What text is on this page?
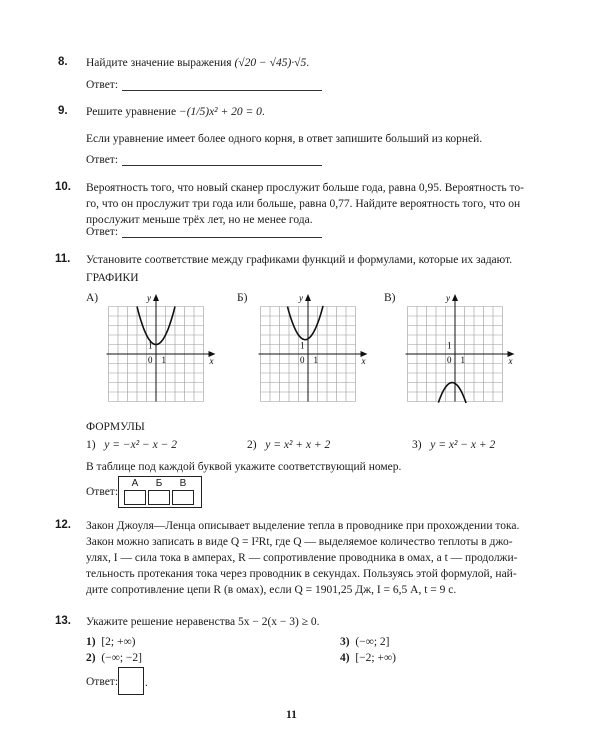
8. Найдите значение выражения (√20 − √45)·√5.
Ответ:
9. Решите уравнение −(1/5)x² + 20 = 0.
Если уравнение имеет более одного корня, в ответ запишите больший из корней.
Ответ:
10. Вероятность того, что новый сканер прослужит больше года, равна 0,95. Вероятность то-
го, что он прослужит три года или больше, равна 0,77. Найдите вероятность того, что он
прослужит меньше трёх лет, но не менее года.
Ответ:
11. Установите соответствие между графиками функций и формулами, которые их задают.
ГРАФИКИ
А)	Б)	В)
y
x
0 1
1
y
x
0 1
1
y
x
0 1
1
ФОРМУЛЫ
1) y = −x² − x − 2	2) y = x² + x + 2	3) y = x² − x + 2
В таблице под каждой буквой укажите соответствующий номер.
Ответ:
А	Б	В
12. Закон Джоуля—Ленца описывает выделение тепла в проводнике при прохождении тока.
Закон можно записать в виде Q = I²Rt, где Q — выделяемое количество теплоты в джо-
улях, I — сила тока в амперах, R — сопротивление проводника в омах, а t — продолжи-
тельность протекания тока через проводник в секундах. Пользуясь этой формулой, най-
дите сопротивление цепи R (в омах), если Q = 1901,25 Дж, I = 6,5 А, t = 9 с.
13. Укажите решение неравенства 5x − 2(x − 3) ≥ 0.
1) [2; +∞)
2) (−∞; −2]
3) (−∞; 2]
4) [−2; +∞)
Ответ: .
11
